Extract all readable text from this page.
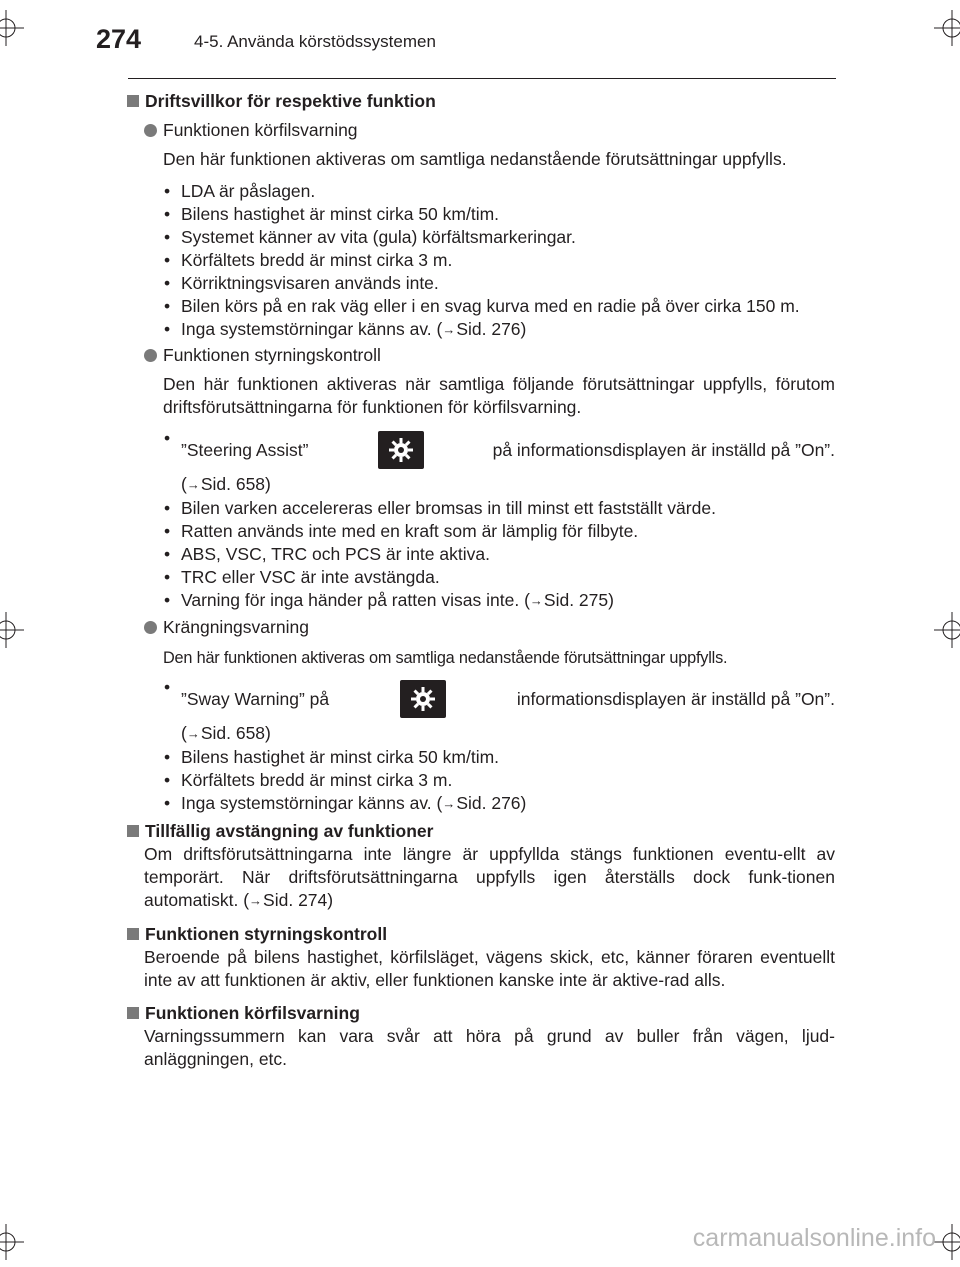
274	4-5. Använda körstödssystemen
Driftsvillkor för respektive funktion
Funktionen körfilsvarning
Den här funktionen aktiveras om samtliga nedanstående förutsättningar uppfylls.
• LDA är påslagen.
• Bilens hastighet är minst cirka 50 km/tim.
• Systemet känner av vita (gula) körfältsmarkeringar.
• Körfältets bredd är minst cirka 3 m.
• Körriktningsvisaren används inte.
• Bilen körs på en rak väg eller i en svag kurva med en radie på över cirka 150 m.
• Inga systemstörningar känns av. (→Sid. 276)
Funktionen styrningskontroll
Den här funktionen aktiveras när samtliga följande förutsättningar uppfylls, förutom driftsförutsättningarna för funktionen för körfilsvarning.
• ”Steering Assist”	på informationsdisplayen är inställd på ”On”.
(→Sid. 658)
• Bilen varken accelereras eller bromsas in till minst ett fastställt värde.
• Ratten används inte med en kraft som är lämplig för filbyte.
• ABS, VSC, TRC och PCS är inte aktiva.
• TRC eller VSC är inte avstängda.
• Varning för inga händer på ratten visas inte. (→Sid. 275)
Krängningsvarning
Den här funktionen aktiveras om samtliga nedanstående förutsättningar uppfylls.
• ”Sway Warning” på	informationsdisplayen är inställd på ”On”.
(→Sid. 658)
• Bilens hastighet är minst cirka 50 km/tim.
• Körfältets bredd är minst cirka 3 m.
• Inga systemstörningar känns av. (→Sid. 276)
Tillfällig avstängning av funktioner
Om driftsförutsättningarna inte längre är uppfyllda stängs funktionen eventu-ellt av temporärt. När driftsförutsättningarna uppfylls igen återställs dock funk-tionen automatiskt. (→Sid. 274)
Funktionen styrningskontroll
Beroende på bilens hastighet, körfilsläget, vägens skick, etc, känner föraren eventuellt inte av att funktionen är aktiv, eller funktionen kanske inte är aktive-rad alls.
Funktionen körfilsvarning
Varningssummern kan vara svår att höra på grund av buller från vägen, ljud-anläggningen, etc.
carmanualsonline.info
